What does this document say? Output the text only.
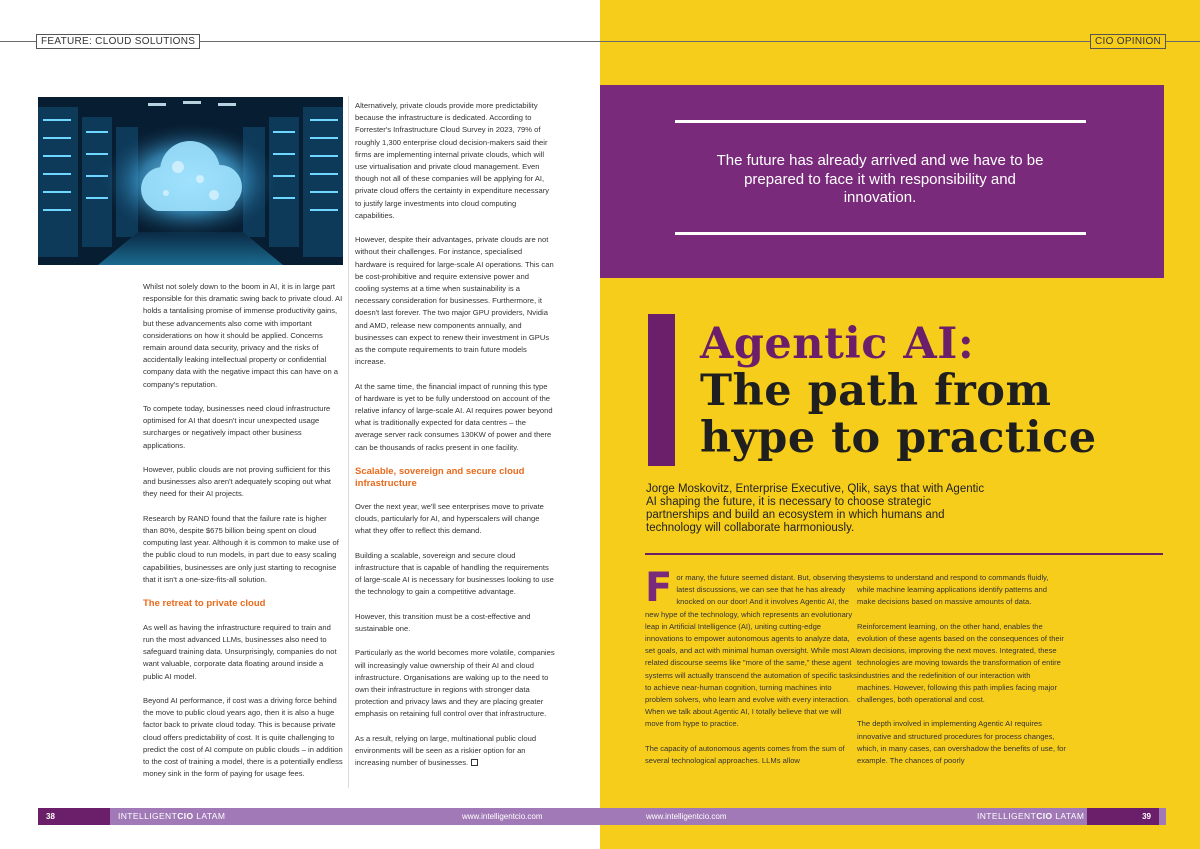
FEATURE: CLOUD SOLUTIONS	CIO OPINION

Whilst not solely down to the boom in AI, it is in large part responsible for this dramatic swing back to private cloud. AI holds a tantalising promise of immense productivity gains, but these advancements also come with important considerations on how it should be applied. Concerns remain around data security, privacy and the risks of accidentally leaking intellectual property or confidential company data with the negative impact this can have on a company's reputation.

To compete today, businesses need cloud infrastructure optimised for AI that doesn't incur unexpected usage surcharges or negatively impact other business applications.

However, public clouds are not proving sufficient for this and businesses also aren't adequately scoping out what they need for their AI projects.

Research by RAND found that the failure rate is higher than 80%, despite $675 billion being spent on cloud computing last year. Although it is common to make use of the public cloud to run models, in part due to easy scaling capabilities, businesses are only just starting to recognise that it isn't a one-size-fits-all solution.

The retreat to private cloud

As well as having the infrastructure required to train and run the most advanced LLMs, businesses also need to safeguard training data. Unsurprisingly, companies do not want valuable, corporate data floating around inside a public AI model.

Beyond AI performance, if cost was a driving force behind the move to public cloud years ago, then it is also a huge factor back to private cloud today. This is because private cloud offers predictability of cost. It is quite challenging to predict the cost of AI compute on public clouds – in addition to the cost of training a model, there is a potentially endless money sink in the form of paying for usage fees.

Alternatively, private clouds provide more predictability because the infrastructure is dedicated. According to Forrester's Infrastructure Cloud Survey in 2023, 79% of roughly 1,300 enterprise cloud decision-makers said their firms are implementing internal private clouds, which will use virtualisation and private cloud management. Even though not all of these companies will be applying for AI, private cloud offers the certainty in expenditure necessary to justify large investments into cloud computing capabilities.

However, despite their advantages, private clouds are not without their challenges. For instance, specialised hardware is required for large-scale AI operations. This can be cost-prohibitive and require extensive power and cooling systems at a time when sustainability is a necessary consideration for businesses. Furthermore, it doesn't last forever. The two major GPU providers, Nvidia and AMD, release new components annually, and businesses can expect to renew their investment in GPUs as the compute requirements to train future models increase.

At the same time, the financial impact of running this type of hardware is yet to be fully understood on account of the relative infancy of large-scale AI. AI requires power beyond what is traditionally expected for data centres – the average server rack consumes 130KW of power and there can be thousands of racks present in one facility.

Scalable, sovereign and secure cloud infrastructure

Over the next year, we'll see enterprises move to private clouds, particularly for AI, and hyperscalers will change what they offer to reflect this demand.

Building a scalable, sovereign and secure cloud infrastructure that is capable of handling the requirements of large-scale AI is necessary for businesses looking to use the technology to gain a competitive advantage.

However, this transition must be a cost-effective and sustainable one.

Particularly as the world becomes more volatile, companies will increasingly value ownership of their AI and cloud infrastructure. Organisations are waking up to the need to own their infrastructure in regions with stronger data protection and privacy laws and they are placing greater emphasis on retaining full control over that infrastructure.

As a result, relying on large, multinational public cloud environments will be seen as a riskier option for an increasing number of businesses.

The future has already arrived and we have to be prepared to face it with responsibility and innovation.
Agentic AI:
The path from
hype to practice
Jorge Moskovitz, Enterprise Executive, Qlik, says that with Agentic AI shaping the future, it is necessary to choose strategic partnerships and build an ecosystem in which humans and technology will collaborate harmoniously.

For many, the future seemed distant. But, observing the latest discussions, we can see that he has already knocked on our door! And it involves Agentic AI, the new hype of the technology, which represents an evolutionary leap in Artificial Intelligence (AI), uniting cutting-edge innovations to empower autonomous agents to analyze data, set goals, and act with minimal human oversight. While most AI-related discourse seems like "more of the same," these agent systems will actually transcend the automation of specific tasks to achieve near-human cognition, turning machines into problem solvers, who learn and evolve with every interaction. When we talk about Agentic AI, I totally believe that we will move from hype to practice.

The capacity of autonomous agents comes from the sum of several technological approaches. LLMs allow

systems to understand and respond to commands fluidly, while machine learning applications identify patterns and make decisions based on massive amounts of data.

Reinforcement learning, on the other hand, enables the evolution of these agents based on the consequences of their own decisions, improving the next moves. Integrated, these technologies are moving towards the transformation of entire industries and the redefinition of our interaction with machines. However, following this path implies facing major challenges, both operational and cost.

The depth involved in implementing Agentic AI requires innovative and structured procedures for process changes, which, in many cases, can overshadow the benefits of use, for example. The chances of poorly

38	39
INTELLIGENTCIO LATAM	INTELLIGENTCIO LATAM
www.intelligentcio.com	www.intelligentcio.com
